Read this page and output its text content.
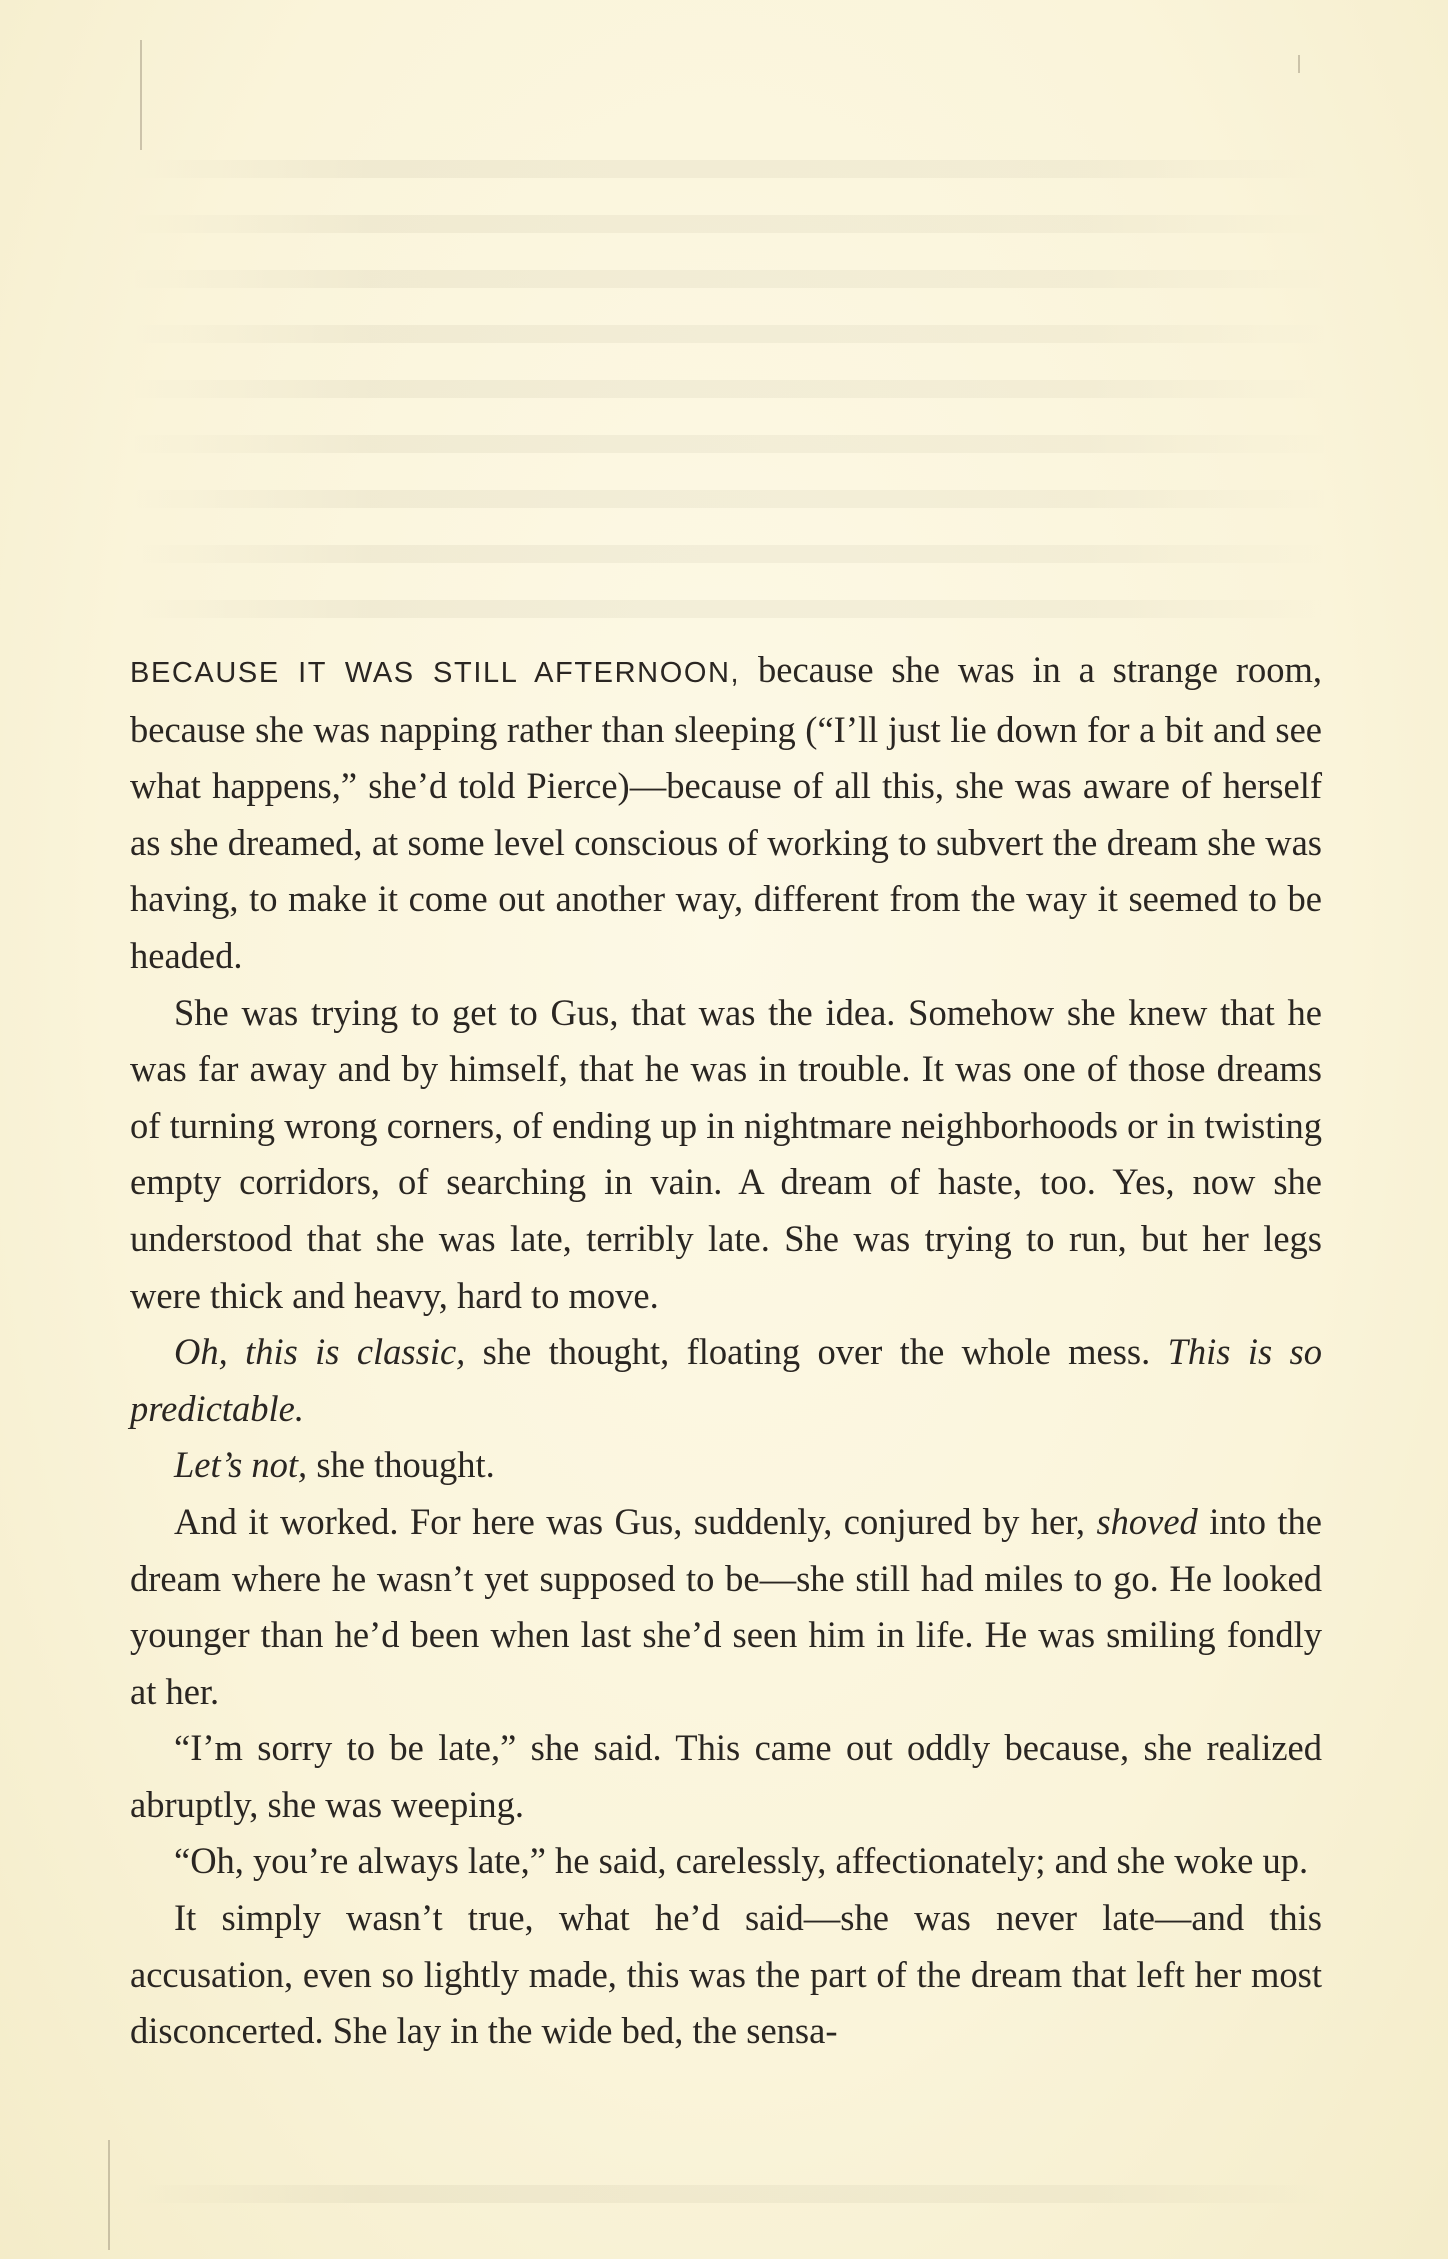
BECAUSE IT WAS STILL AFTERNOON, because she was in a strange room, because she was napping rather than sleeping (“I’ll just lie down for a bit and see what happens,” she’d told Pierce)—because of all this, she was aware of herself as she dreamed, at some level conscious of working to subvert the dream she was having, to make it come out another way, different from the way it seemed to be headed.

She was trying to get to Gus, that was the idea. Somehow she knew that he was far away and by himself, that he was in trouble. It was one of those dreams of turning wrong corners, of ending up in nightmare neighborhoods or in twisting empty corridors, of searching in vain. A dream of haste, too. Yes, now she understood that she was late, terribly late. She was trying to run, but her legs were thick and heavy, hard to move.

Oh, this is classic, she thought, floating over the whole mess. This is so predictable.

Let’s not, she thought.

And it worked. For here was Gus, suddenly, conjured by her, shoved into the dream where he wasn’t yet supposed to be—she still had miles to go. He looked younger than he’d been when last she’d seen him in life. He was smiling fondly at her.

“I’m sorry to be late,” she said. This came out oddly because, she realized abruptly, she was weeping.

“Oh, you’re always late,” he said, carelessly, affectionately; and she woke up.

It simply wasn’t true, what he’d said—she was never late—and this accusation, even so lightly made, this was the part of the dream that left her most disconcerted. She lay in the wide bed, the sensa-
